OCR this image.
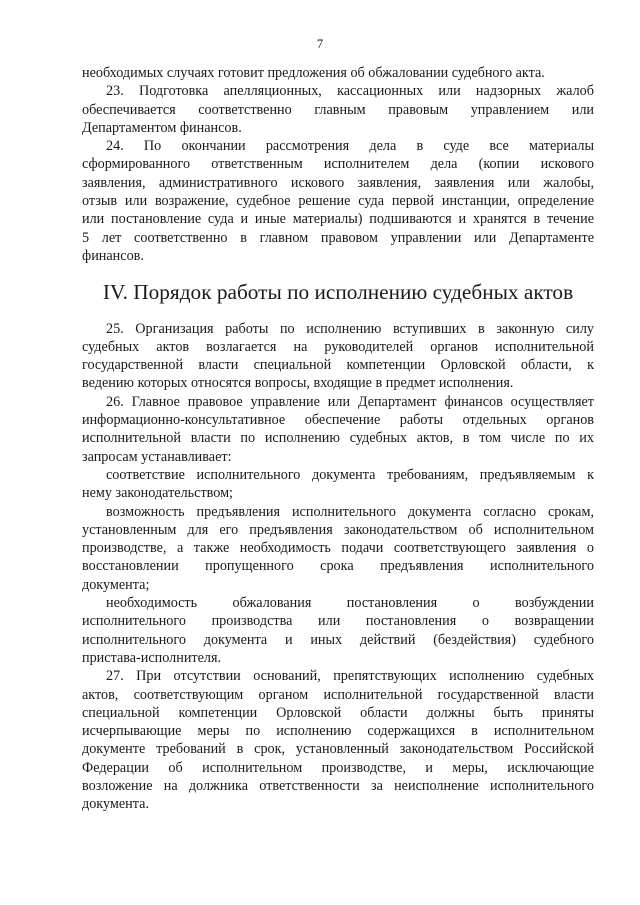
7
необходимых случаях готовит предложения об обжаловании судебного акта.
23. Подготовка апелляционных, кассационных или надзорных жалоб
обеспечивается соответственно главным правовым управлением или
Департаментом финансов.
24. По окончании рассмотрения дела в суде все материалы
сформированного ответственным исполнителем дела (копии искового
заявления, административного искового заявления, заявления или жалобы,
отзыв или возражение, судебное решение суда первой инстанции, определение
или постановление суда и иные материалы) подшиваются и хранятся в течение
5 лет соответственно в главном правовом управлении или Департаменте
финансов.
IV. Порядок работы по исполнению судебных актов
25. Организация работы по исполнению вступивших в законную силу
судебных актов возлагается на руководителей органов исполнительной
государственной власти специальной компетенции Орловской области, к
ведению которых относятся вопросы, входящие в предмет исполнения.
26. Главное правовое управление или Департамент финансов осуществляет
информационно-консультативное обеспечение работы отдельных органов
исполнительной власти по исполнению судебных актов, в том числе по их
запросам устанавливает:
соответствие исполнительного документа требованиям, предъявляемым к
нему законодательством;
возможность предъявления исполнительного документа согласно срокам,
установленным для его предъявления законодательством об исполнительном
производстве, а также необходимость подачи соответствующего заявления о
восстановлении пропущенного срока предъявления исполнительного
документа;
необходимость обжалования постановления о возбуждении
исполнительного производства или постановления о возвращении
исполнительного документа и иных действий (бездействия) судебного
пристава-исполнителя.
27. При отсутствии оснований, препятствующих исполнению судебных
актов, соответствующим органом исполнительной государственной власти
специальной компетенции Орловской области должны быть приняты
исчерпывающие меры по исполнению содержащихся в исполнительном
документе требований в срок, установленный законодательством Российской
Федерации об исполнительном производстве, и меры, исключающие
возложение на должника ответственности за неисполнение исполнительного
документа.
